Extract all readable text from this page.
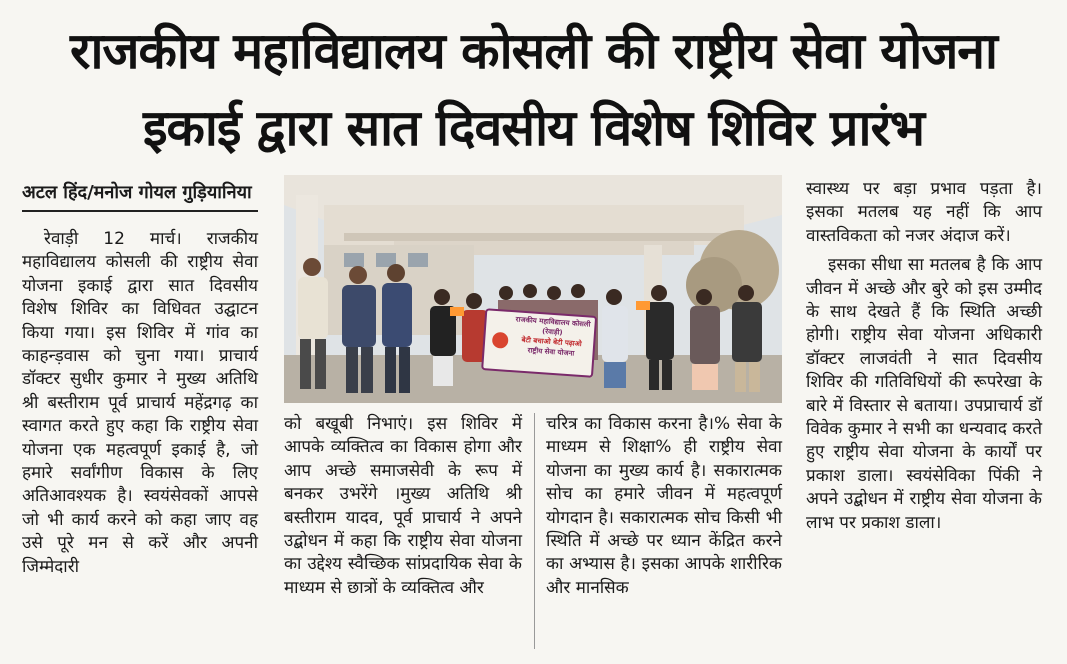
राजकीय महाविद्यालय कोसली की राष्ट्रीय सेवा योजना
इकाई द्वारा सात दिवसीय विशेष शिविर प्रारंभ
अटल हिंद/मनोज गोयल गुड़ियानिया

रेवाड़ी 12 मार्च। राजकीय महाविद्यालय कोसली की राष्ट्रीय सेवा योजना इकाई द्वारा सात दिवसीय विशेष शिविर का विधिवत उद्घाटन किया गया। इस शिविर में गांव का काहन्ड़वास को चुना गया। प्राचार्य डॉक्टर सुधीर कुमार ने मुख्य अतिथि श्री बस्तीराम पूर्व प्राचार्य महेंद्रगढ़ का स्वागत करते हुए कहा कि राष्ट्रीय सेवा योजना एक महत्वपूर्ण इकाई है, जो हमारे सर्वांगीण विकास के लिए अतिआवश्यक है। स्वयंसेवकों आपसे जो भी कार्य करने को कहा जाए वह उसे पूरे मन से करें और अपनी जिम्मेदारी

राजकीय महाविद्यालय कोसली (रेवाड़ी)
बेटी बचाओ बेटी पढ़ाओ
राष्ट्रीय सेवा योजना

को बखूबी निभाएं। इस शिविर में आपके व्यक्तित्व का विकास होगा और आप अच्छे समाजसेवी के रूप में बनकर उभरेंगे ।मुख्य अतिथि श्री बस्तीराम यादव, पूर्व प्राचार्य ने अपने उद्बोधन में कहा कि राष्ट्रीय सेवा योजना का उद्देश्य स्वैच्छिक सांप्रदायिक सेवा के माध्यम से छात्रों के व्यक्तित्व और

चरित्र का विकास करना है।% सेवा के माध्यम से शिक्षा% ही राष्ट्रीय सेवा योजना का मुख्य कार्य है। सकारात्मक सोच का हमारे जीवन में महत्वपूर्ण योगदान है। सकारात्मक सोच किसी भी स्थिति में अच्छे पर ध्यान केंद्रित करने का अभ्यास है। इसका आपके शारीरिक और मानसिक

स्वास्थ्य पर बड़ा प्रभाव पड़ता है। इसका मतलब यह नहीं कि आप वास्तविकता को नजर अंदाज करें।
इसका सीधा सा मतलब है कि आप जीवन में अच्छे और बुरे को इस उम्मीद के साथ देखते हैं कि स्थिति अच्छी होगी। राष्ट्रीय सेवा योजना अधिकारी डॉक्टर लाजवंती ने सात दिवसीय शिविर की गतिविधियों की रूपरेखा के बारे में विस्तार से बताया। उपप्राचार्य डॉ विवेक कुमार ने सभी का धन्यवाद करते हुए राष्ट्रीय सेवा योजना के कार्यों पर प्रकाश डाला। स्वयंसेविका पिंकी ने अपने उद्बोधन में राष्ट्रीय सेवा योजना के लाभ पर प्रकाश डाला।
